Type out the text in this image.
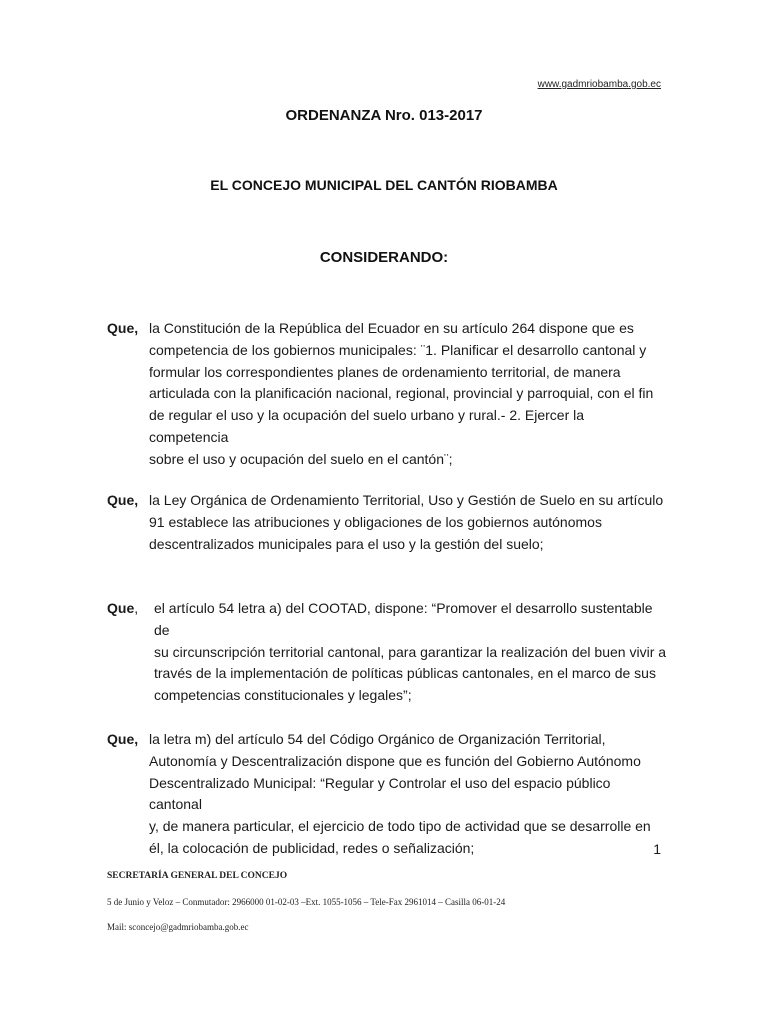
www.gadmriobamba.gob.ec
ORDENANZA Nro. 013-2017
EL CONCEJO MUNICIPAL DEL CANTÓN RIOBAMBA
CONSIDERANDO:
Que, la Constitución de la República del Ecuador en su artículo 264 dispone que es
competencia de los gobiernos municipales: ¨1. Planificar el desarrollo cantonal y
formular los correspondientes planes de ordenamiento territorial, de manera
articulada con la planificación nacional, regional, provincial y parroquial, con el fin
de regular el uso y la ocupación del suelo urbano y rural.- 2. Ejercer la competencia
sobre el uso y ocupación del suelo en el cantón¨;
Que, la Ley Orgánica de Ordenamiento Territorial, Uso y Gestión de Suelo en su artículo
91 establece las atribuciones y obligaciones de los gobiernos autónomos
descentralizados municipales para el uso y la gestión del suelo;
Que, el artículo 54 letra a) del COOTAD, dispone: “Promover el desarrollo sustentable de
su circunscripción territorial cantonal, para garantizar la realización del buen vivir a
través de la implementación de políticas públicas cantonales, en el marco de sus
competencias constitucionales y legales”;
Que, la letra m) del artículo 54 del Código Orgánico de Organización Territorial,
Autonomía y Descentralización dispone que es función del Gobierno Autónomo
Descentralizado Municipal: “Regular y Controlar el uso del espacio público cantonal
y, de manera particular, el ejercicio de todo tipo de actividad que se desarrolle en
él, la colocación de publicidad, redes o señalización;	1
SECRETARÍA GENERAL DEL CONCEJO
5 de Junio y Veloz – Conmutador: 2966000 01-02-03 –Ext. 1055-1056 – Tele-Fax 2961014 – Casilla 06-01-24
Mail: sconcejo@gadmriobamba.gob.ec
